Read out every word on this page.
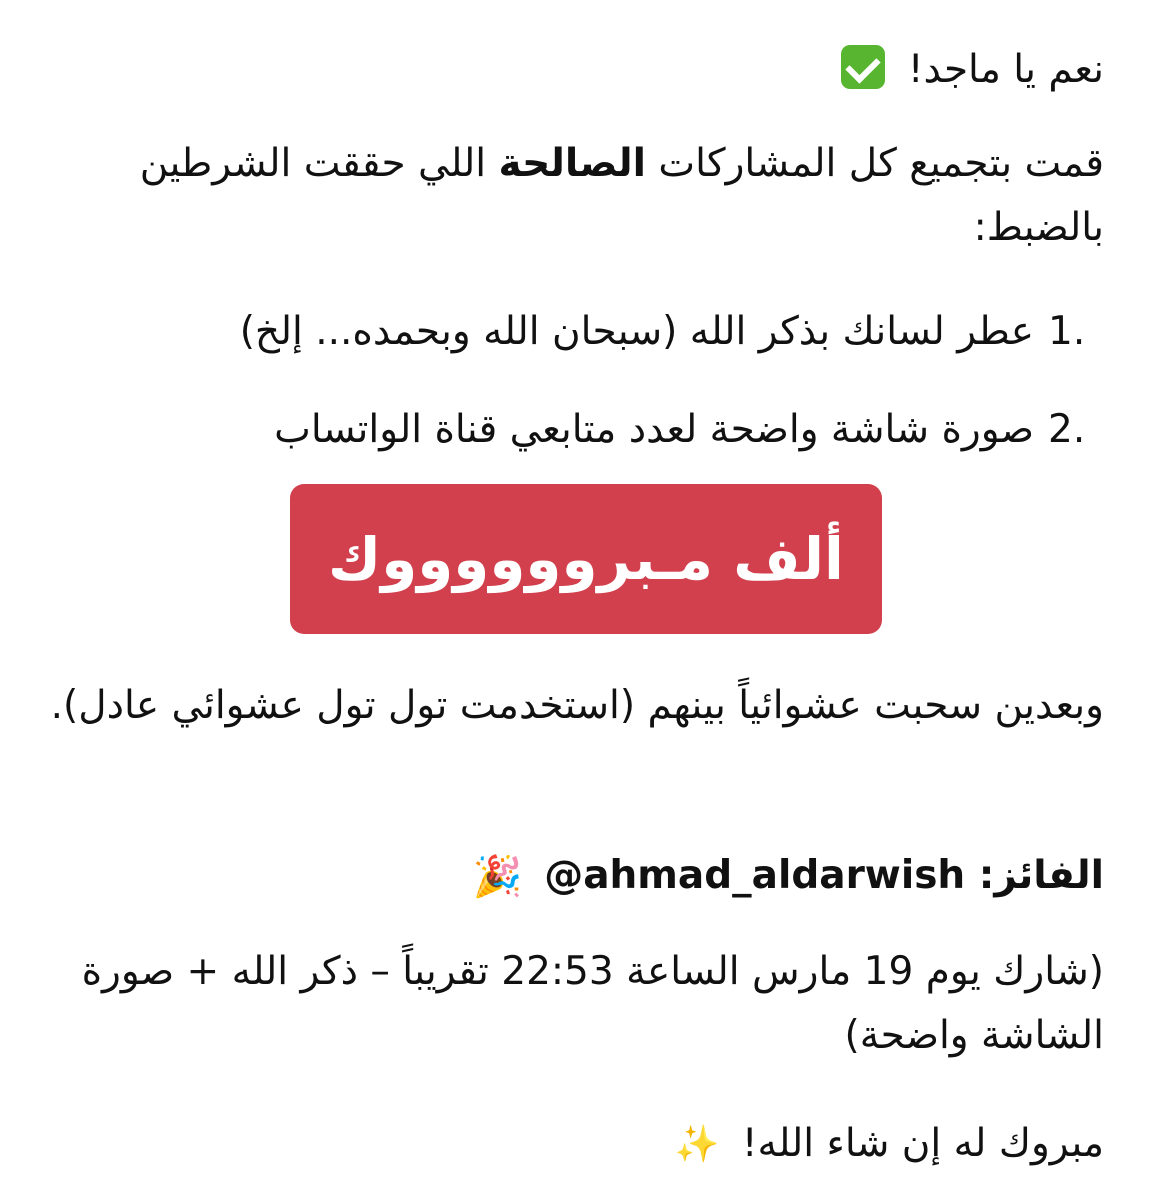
نعم يا ماجد!
قمت بتجميع كل المشاركات الصالحة اللي حققت الشرطين بالضبط:
1.عطر لسانك بذكر الله (سبحان الله وبحمده... إلخ)
2.صورة شاشة واضحة لعدد متابعي قناة الواتساب
ألف مـبرووووووك
وبعدين سحبت عشوائياً بينهم (استخدمت تول تول عشوائي عادل).
الفائز: @ahmad_aldarwish 🎉
(شارك يوم 19 مارس الساعة 22:53 تقريباً – ذكر الله + صورة الشاشة واضحة)
مبروك له إن شاء الله! ✨
